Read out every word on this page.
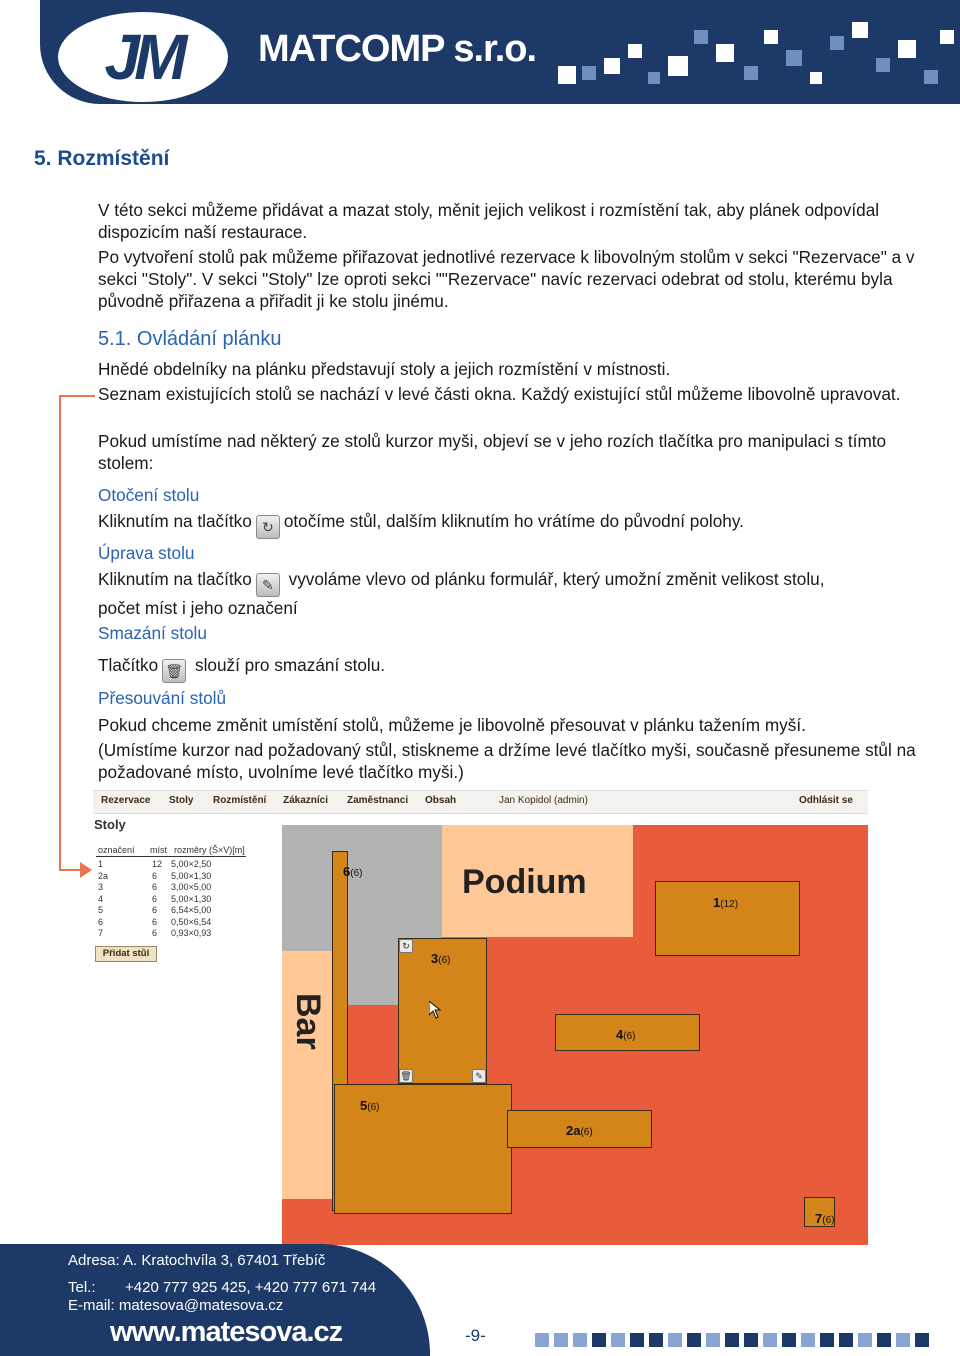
JM	MATCOMP s.r.o.
5. Rozmístění
V této sekci můžeme přidávat a mazat stoly, měnit jejich velikost i rozmístění tak, aby plánek odpovídal dispozicím naší restaurace.
Po vytvoření stolů pak můžeme přiřazovat jednotlivé rezervace k libovolným stolům v sekci "Rezervace" a v sekci "Stoly". V sekci "Stoly" lze oproti sekci ""Rezervace" navíc rezervaci odebrat od stolu, kterému byla původně přiřazena a přiřadit ji ke stolu jinému.
5.1. Ovládání plánku
Hnědé obdelníky na plánku představují stoly a jejich rozmístění v místnosti.
Seznam existujících stolů se nachází v levé části okna. Každý existující stůl můžeme libovolně upravovat.
Pokud umístíme nad některý ze stolů kurzor myši, objeví se v jeho rozích tlačítka pro manipulaci s tímto stolem:
Otočení stolu
Kliknutím na tlačítko ↻ otočíme stůl, dalším kliknutím ho vrátíme do původní polohy.
Úprava stolu
Kliknutím na tlačítko ✎ vyvoláme vlevo od plánku formulář, který umožní změnit velikost stolu,
počet míst i jeho označení
Smazání stolu
Tlačítko 🗑 slouží pro smazání stolu.
Přesouvání stolů
Pokud chceme změnit umístění stolů, můžeme je libovolně přesouvat v plánku tažením myší.
(Umístíme kurzor nad požadovaný stůl, stiskneme a držíme levé tlačítko myši, současně přesuneme stůl na požadované místo, uvolníme levé tlačítko myši.)
Rezervace Stoly Rozmístění Zákazníci Zaměstnanci Obsah	Jan Kopidol (admin)	Odhlásit se
Stoly
označení míst rozměry (Š×V)[m]
Přidat stůl
Podium
Bar
6(6)
1(12)
3(6)
↻
🗑	✎
4(6)
5(6)
2a(6)
7(6)
1	12 5,00×2,50
2a	6 5,00×1,30
3	6 3,00×5,00
4	6 5,00×1,30
5	6 6,54×5,00
6	6 0,50×6,54
7	6 0,93×0,93
Adresa: A. Kratochvíla 3, 67401 Třebíč
Tel.: +420 777 925 425, +420 777 671 744
E-mail: matesova@matesova.cz
www.matesova.cz	-9-
